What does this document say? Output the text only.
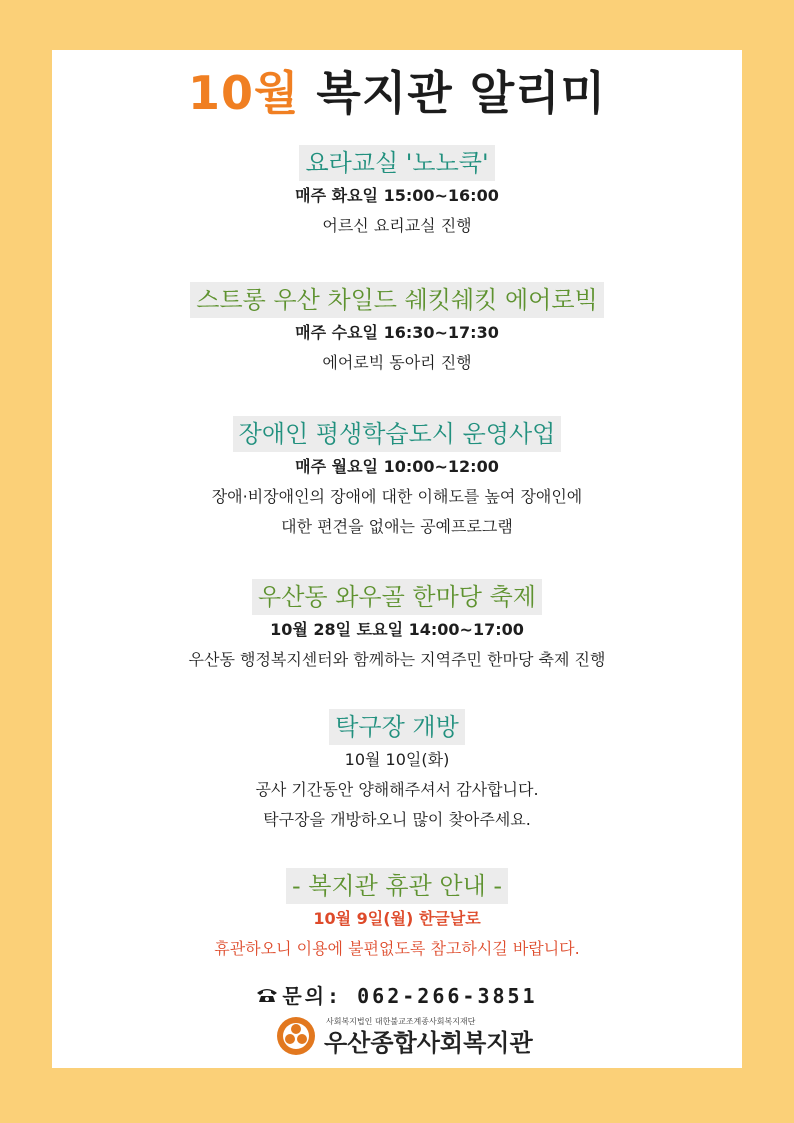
10월 복지관 알리미
요라교실 '노노쿡'
매주 화요일 15:00~16:00
어르신 요리교실 진행
스트롱 우산 차일드 쉐킷쉐킷 에어로빅
매주 수요일 16:30~17:30
에어로빅 동아리 진행
장애인 평생학습도시 운영사업
매주 월요일 10:00~12:00
장애·비장애인의 장애에 대한 이해도를 높여 장애인에
대한 편견을 없애는 공예프로그램
우산동 와우골 한마당 축제
10월 28일 토요일 14:00~17:00
우산동 행정복지센터와 함께하는 지역주민 한마당 축제 진행
탁구장 개방
10월 10일(화)
공사 기간동안 양해해주셔서 감사합니다.
탁구장을 개방하오니 많이 찾아주세요.
- 복지관 휴관 안내 -
10월 9일(월) 한글날로
휴관하오니 이용에 불편없도록 참고하시길 바랍니다.
문의: 062-266-3851
사회복지법인 대한불교조계종사회복지재단
우산종합사회복지관
